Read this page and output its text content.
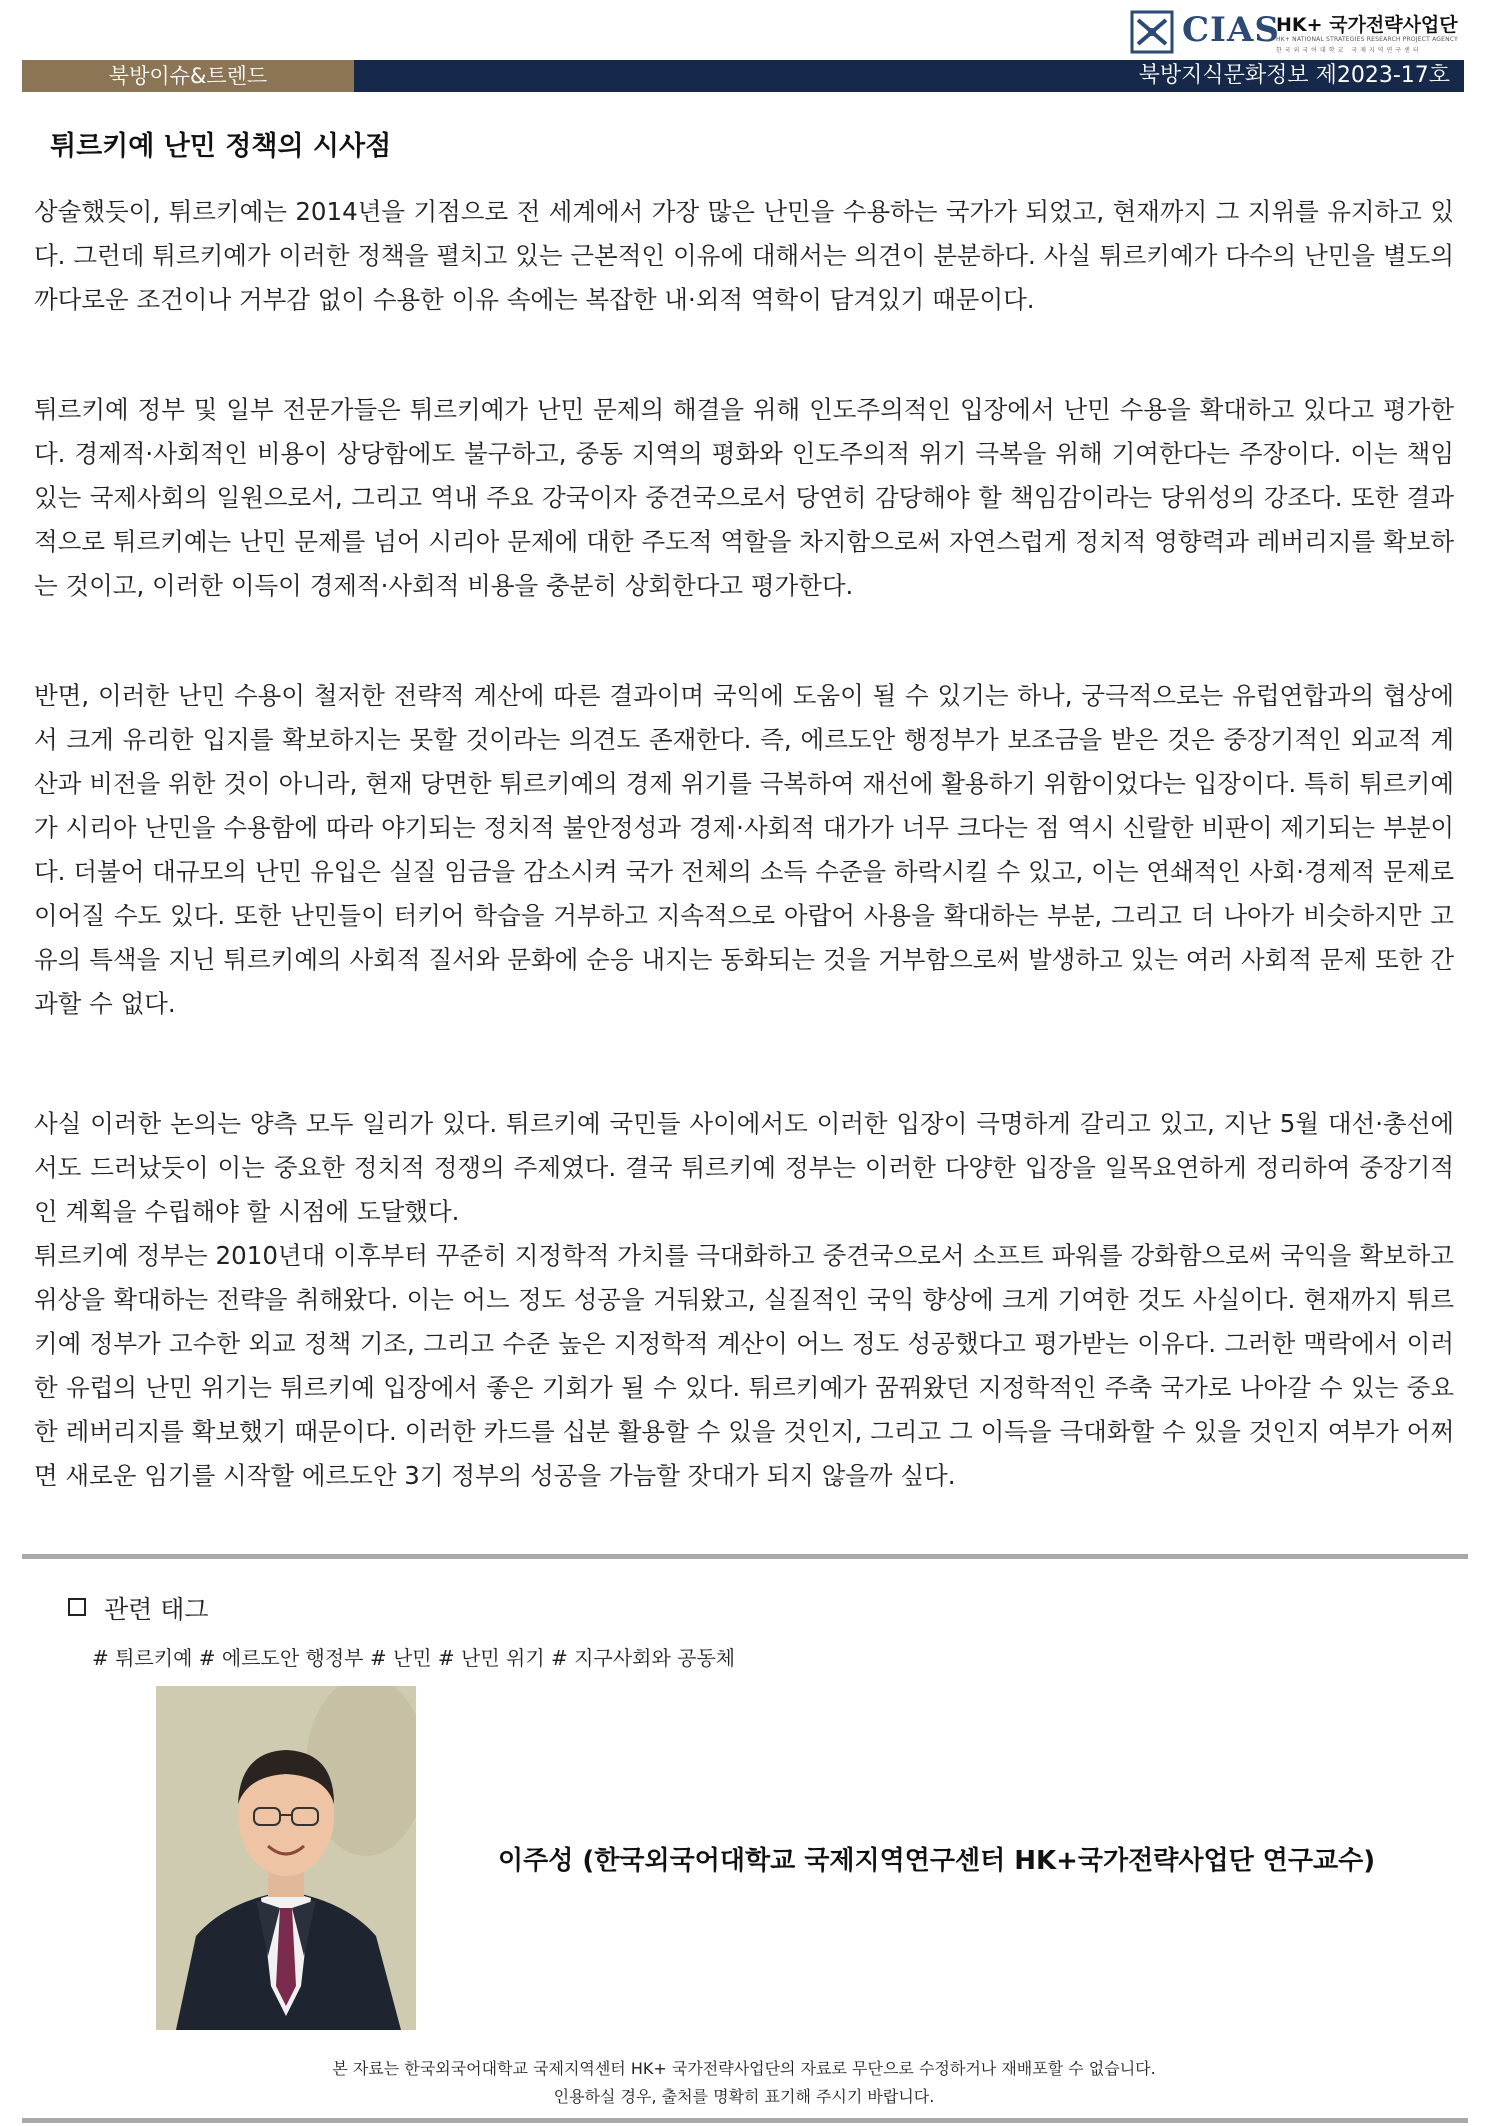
CIAS
HK+ 국가전략사업단
HK+ NATIONAL STRATEGIES RESEARCH PROJECT AGENCY
한국외국어대학교 국제지역연구센터
북방이슈&트렌드	북방지식문화정보 제2023-17호
튀르키예 난민 정책의 시사점

상술했듯이, 튀르키예는 2014년을 기점으로 전 세계에서 가장 많은 난민을 수용하는 국가가 되었고, 현재까지 그 지위를 유지하고 있다. 그런데 튀르키예가 이러한 정책을 펼치고 있는 근본적인 이유에 대해서는 의견이 분분하다. 사실 튀르키예가 다수의 난민을 별도의 까다로운 조건이나 거부감 없이 수용한 이유 속에는 복잡한 내·외적 역학이 담겨있기 때문이다.

튀르키예 정부 및 일부 전문가들은 튀르키예가 난민 문제의 해결을 위해 인도주의적인 입장에서 난민 수용을 확대하고 있다고 평가한다. 경제적·사회적인 비용이 상당함에도 불구하고, 중동 지역의 평화와 인도주의적 위기 극복을 위해 기여한다는 주장이다. 이는 책임 있는 국제사회의 일원으로서, 그리고 역내 주요 강국이자 중견국으로서 당연히 감당해야 할 책임감이라는 당위성의 강조다. 또한 결과적으로 튀르키예는 난민 문제를 넘어 시리아 문제에 대한 주도적 역할을 차지함으로써 자연스럽게 정치적 영향력과 레버리지를 확보하는 것이고, 이러한 이득이 경제적·사회적 비용을 충분히 상회한다고 평가한다.

반면, 이러한 난민 수용이 철저한 전략적 계산에 따른 결과이며 국익에 도움이 될 수 있기는 하나, 궁극적으로는 유럽연합과의 협상에서 크게 유리한 입지를 확보하지는 못할 것이라는 의견도 존재한다. 즉, 에르도안 행정부가 보조금을 받은 것은 중장기적인 외교적 계산과 비전을 위한 것이 아니라, 현재 당면한 튀르키예의 경제 위기를 극복하여 재선에 활용하기 위함이었다는 입장이다. 특히 튀르키예가 시리아 난민을 수용함에 따라 야기되는 정치적 불안정성과 경제·사회적 대가가 너무 크다는 점 역시 신랄한 비판이 제기되는 부분이다. 더불어 대규모의 난민 유입은 실질 임금을 감소시켜 국가 전체의 소득 수준을 하락시킬 수 있고, 이는 연쇄적인 사회·경제적 문제로 이어질 수도 있다. 또한 난민들이 터키어 학습을 거부하고 지속적으로 아랍어 사용을 확대하는 부분, 그리고 더 나아가 비슷하지만 고유의 특색을 지닌 튀르키예의 사회적 질서와 문화에 순응 내지는 동화되는 것을 거부함으로써 발생하고 있는 여러 사회적 문제 또한 간과할 수 없다.

사실 이러한 논의는 양측 모두 일리가 있다. 튀르키예 국민들 사이에서도 이러한 입장이 극명하게 갈리고 있고, 지난 5월 대선·총선에서도 드러났듯이 이는 중요한 정치적 정쟁의 주제였다. 결국 튀르키예 정부는 이러한 다양한 입장을 일목요연하게 정리하여 중장기적인 계획을 수립해야 할 시점에 도달했다.

튀르키예 정부는 2010년대 이후부터 꾸준히 지정학적 가치를 극대화하고 중견국으로서 소프트 파워를 강화함으로써 국익을 확보하고 위상을 확대하는 전략을 취해왔다. 이는 어느 정도 성공을 거둬왔고, 실질적인 국익 향상에 크게 기여한 것도 사실이다. 현재까지 튀르키예 정부가 고수한 외교 정책 기조, 그리고 수준 높은 지정학적 계산이 어느 정도 성공했다고 평가받는 이유다. 그러한 맥락에서 이러한 유럽의 난민 위기는 튀르키예 입장에서 좋은 기회가 될 수 있다. 튀르키예가 꿈꿔왔던 지정학적인 주축 국가로 나아갈 수 있는 중요한 레버리지를 확보했기 때문이다. 이러한 카드를 십분 활용할 수 있을 것인지, 그리고 그 이득을 극대화할 수 있을 것인지 여부가 어쩌면 새로운 임기를 시작할 에르도안 3기 정부의 성공을 가늠할 잣대가 되지 않을까 싶다.

관련 태그
# 튀르키예 # 에르도안 행정부 # 난민 # 난민 위기 # 지구사회와 공동체
이주성 (한국외국어대학교 국제지역연구센터 HK+국가전략사업단 연구교수)
본 자료는 한국외국어대학교 국제지역센터 HK+ 국가전략사업단의 자료로 무단으로 수정하거나 재배포할 수 없습니다.
인용하실 경우, 출처를 명확히 표기해 주시기 바랍니다.
